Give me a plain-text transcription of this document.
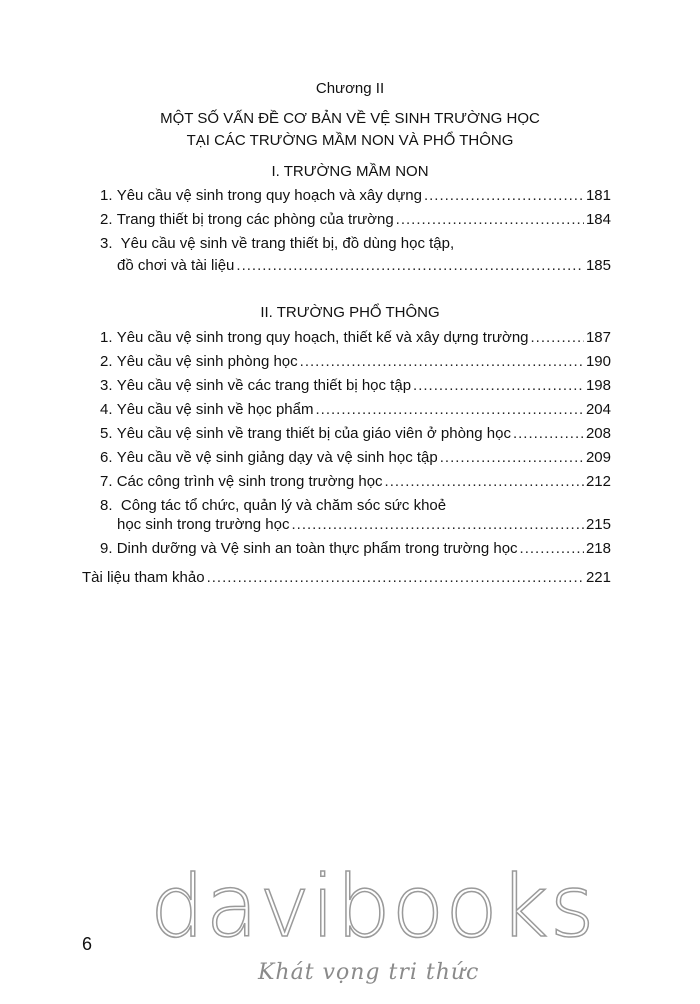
Chương II
MỘT SỐ VẤN ĐỀ CƠ BẢN VỀ VỆ SINH TRƯỜNG HỌC
TẠI CÁC TRƯỜNG MẦM NON VÀ PHỔ THÔNG
I. TRƯỜNG MẦM NON
1.
Yêu cầu vệ sinh trong quy hoạch và xây dựng .....	181
2.
Trang thiết bị trong các phòng của trường .....	184
3. Yêu cầu vệ sinh về trang thiết bị, đồ dùng học tập,
đồ chơi và tài liệu .....	185
II. TRƯỜNG PHỔ THÔNG
1.
Yêu cầu vệ sinh trong quy hoạch, thiết kế và xây dựng trường .....	187
2.
Yêu cầu vệ sinh phòng học .....	190
3.
Yêu cầu vệ sinh về các trang thiết bị học tập .....	198
4.
Yêu cầu vệ sinh về học phẩm .....	204
5.
Yêu cầu vệ sinh về trang thiết bị của giáo viên ở phòng học .....	208
6.
Yêu cầu về vệ sinh giảng dạy và vệ sinh học tập .....	209
7.
Các công trình vệ sinh trong trường học .....	212
8. Công tác tổ chức, quản lý và chăm sóc sức khoẻ
học sinh trong trường học .....	215
9.
Dinh dưỡng và Vệ sinh an toàn thực phẩm trong trường học .....	218
Tài liệu tham khảo .....	221
6 davibooks
Khát vọng tri thức
